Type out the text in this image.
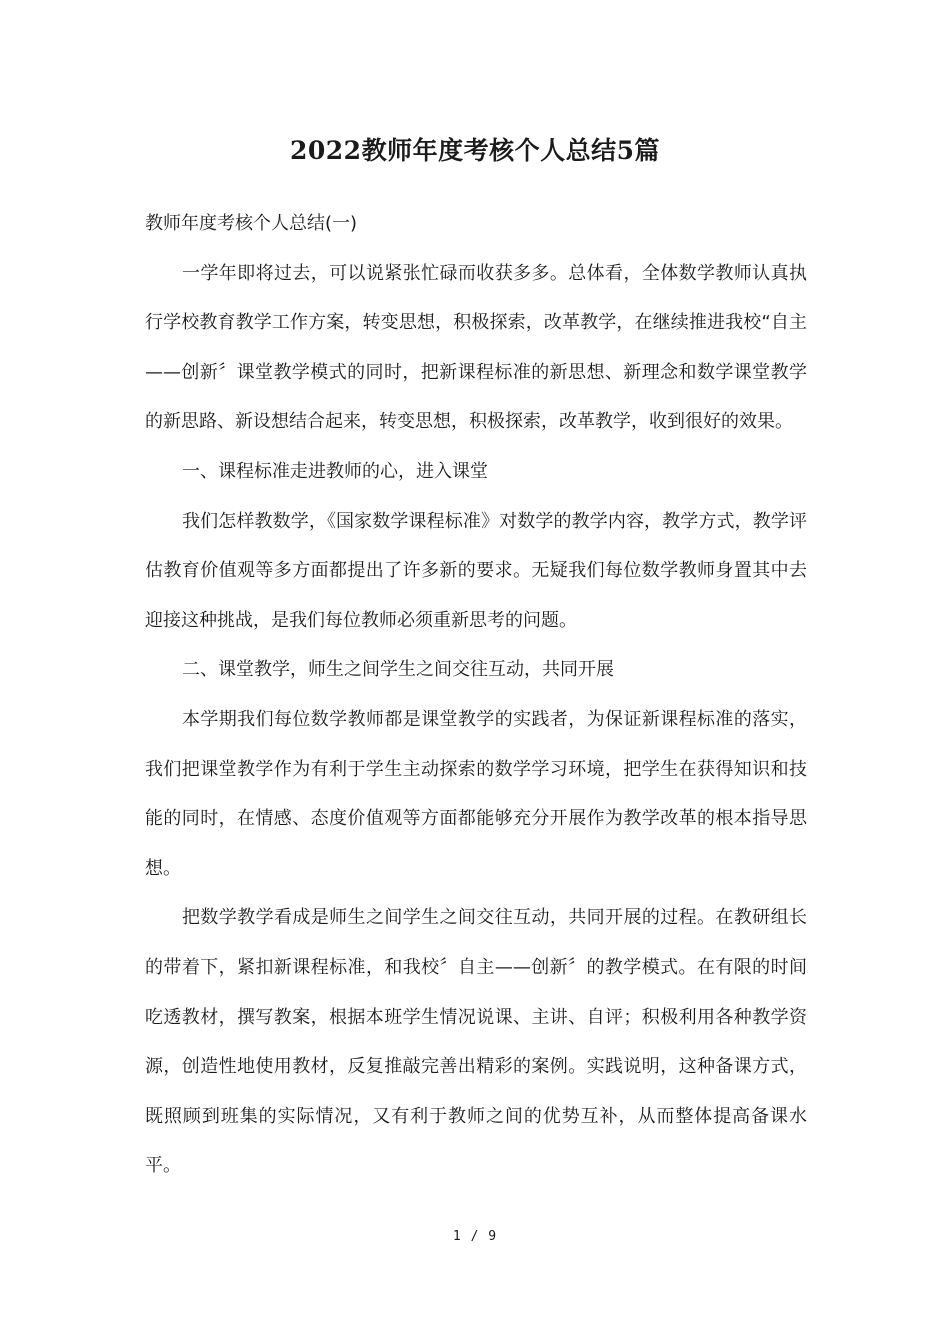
2022教师年度考核个人总结5篇

教师年度考核个人总结(一)

一学年即将过去，可以说紧张忙碌而收获多多。总体看，全体数学教师认真执行学校教育教学工作方案，转变思想，积极探索，改革教学，在继续推进我校“自主——创新〞课堂教学模式的同时，把新课程标准的新思想、新理念和数学课堂教学的新思路、新设想结合起来，转变思想，积极探索，改革教学，收到很好的效果。

一、课程标准走进教师的心，进入课堂

我们怎样教数学，《国家数学课程标准》对数学的教学内容，教学方式，教学评估教育价值观等多方面都提出了许多新的要求。无疑我们每位数学教师身置其中去迎接这种挑战，是我们每位教师必须重新思考的问题。

二、课堂教学，师生之间学生之间交往互动，共同开展

本学期我们每位数学教师都是课堂教学的实践者，为保证新课程标准的落实，我们把课堂教学作为有利于学生主动探索的数学学习环境，把学生在获得知识和技能的同时，在情感、态度价值观等方面都能够充分开展作为教学改革的根本指导思想。

把数学教学看成是师生之间学生之间交往互动，共同开展的过程。在教研组长的带着下，紧扣新课程标准，和我校〞自主——创新〞的教学模式。在有限的时间吃透教材，撰写教案，根据本班学生情况说课、主讲、自评；积极利用各种教学资源，创造性地使用教材，反复推敲完善出精彩的案例。实践说明，这种备课方式，既照顾到班集的实际情况，又有利于教师之间的优势互补，从而整体提高备课水平。

1 / 9
